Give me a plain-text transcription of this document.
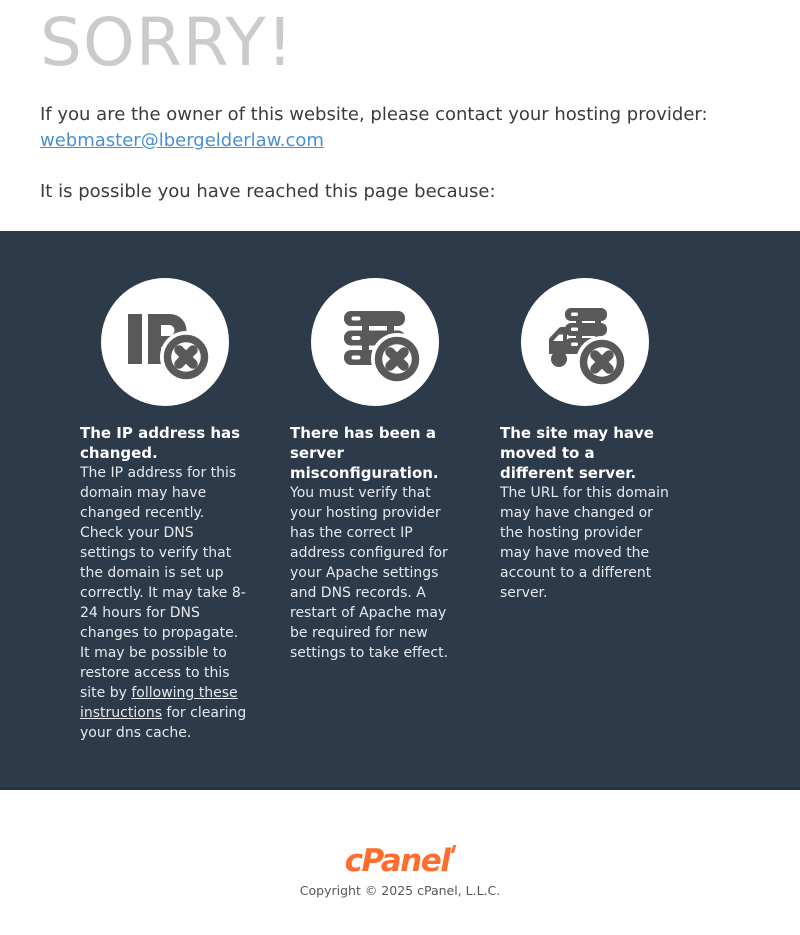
SORRY!

If you are the owner of this website, please contact your hosting provider:

webmaster@lbergelderlaw.com

It is possible you have reached this page because:

The IP address has changed.

The IP address for this domain may have changed recently. Check your DNS settings to verify that the domain is set up correctly. It may take 8-24 hours for DNS changes to propagate. It may be possible to restore access to this site by following these instructions for clearing your dns cache.

There has been a server misconfiguration.

You must verify that your hosting provider has the correct IP address configured for your Apache settings and DNS records. A restart of Apache may be required for new settings to take effect.

The site may have moved to a different server.

The URL for this domain may have changed or the hosting provider may have moved the account to a different server.

cPanel
Copyright © 2025 cPanel, L.L.C.
